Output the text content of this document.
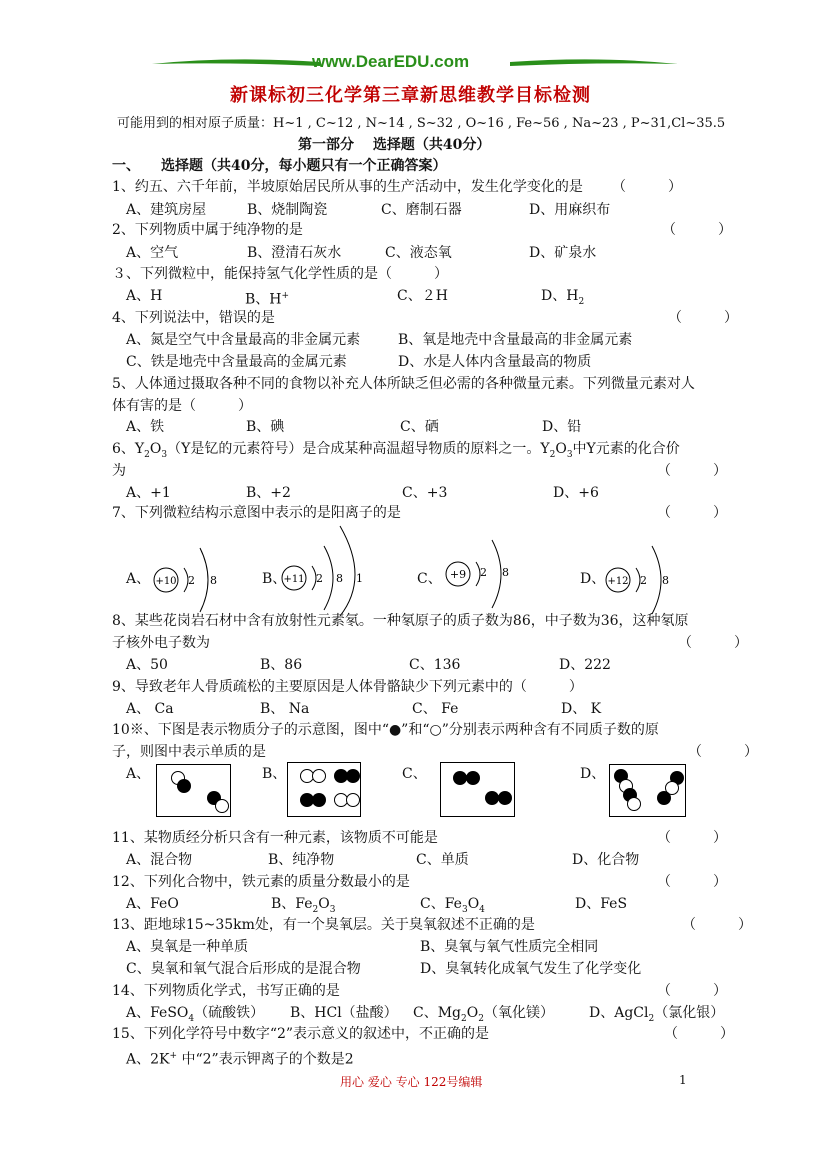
www.DearEDU.com
新课标初三化学第三章新思维教学目标检测
可能用到的相对原子质量：H~1 , C~12 , N~14 , S~32 , O~16 , Fe~56 , Na~23 , P~31,Cl~35.5
第一部分　 选择题（共40分）
一、　　选择题（共40分，每小题只有一个正确答案）
1、约五、六千年前，半坡原始居民所从事的生产活动中，发生化学变化的是 （　　　）
A、建筑房屋	B、烧制陶瓷	C、磨制石器	D、用麻织布
2、下列物质中属于纯净物的是	（　　　）
A、空气	B、澄清石灰水	C、液态氧	D、矿泉水
３、下列微粒中，能保持氢气化学性质的是（　　　）
A、H	B、H+	C、２H	D、$H_2$
4、下列说法中，错误的是	（　　　）
A、氮是空气中含量最高的非金属元素	B、氧是地壳中含量最高的非金属元素
C、铁是地壳中含量最高的金属元素	D、水是人体内含量最高的物质
5、人体通过摄取各种不同的食物以补充人体所缺乏但必需的各种微量元素。下列微量元素对人
体有害的是（　　　）
A、铁	B、碘	C、硒	D、铅
6、$Y_2O_3(Y$是钇的元素符号）是合成某种高温超导物质的原料之一。$Y_2O_3$中Y元素的化合价
为	（　　　）
A、+1	B、+2	C、+3	D、+6
7、下列微粒结构示意图中表示的是阳离子的是	（　　　）
A、 +10 2 8	B、
+11 2 8 1	C、 +9 2 8	D、 +12 2 8
8、某些花岗岩石材中含有放射性元素氡。一种氡原子的质子数为86，中子数为36，这种氡原
子核外电子数为	（　　　）
A、50	B、86	C、136	D、222
9、导致老年人骨质疏松的主要原因是人体骨骼缺少下列元素中的（　　　）
A、 Ca	B、 Na	C、 Fe	D、 K
10※、下图是表示物质分子的示意图，图中“●”和“○”分别表示两种含有不同质子数的原
子，则图中表示单质的是	（　　　）
A、	B、	C、	D、
11、某物质经分析只含有一种元素，该物质不可能是	（　　　）
A、混合物	B、纯净物	C、单质	D、化合物
12、下列化合物中，铁元素的质量分数最小的是	（　　　）
A、FeO	B、$Fe_2O_3$	C、$Fe_3O_4$	D、FeS
13、距地球15~35km处，有一个臭氧层。关于臭氧叙述不正确的是	（　　　）
A、臭氧是一种单质	B、臭氧与氧气性质完全相同
C、臭氧和氧气混合后形成的是混合物	D、臭氧转化成氧气发生了化学变化
14、下列物质化学式，书写正确的是	（　　　）
A、FeSO$_4$（硫酸铁） B、HCl（盐酸） C、$Mg_2O_2$（氧化镁）	D、AgCl$_2$（氯化银）
15、下列化学符号中数字“2”表示意义的叙述中，不正确的是	（　　　）
A、2K+ 中“2”表示钾离子的个数是2
用心 爱心 专心 122号编辑	1
